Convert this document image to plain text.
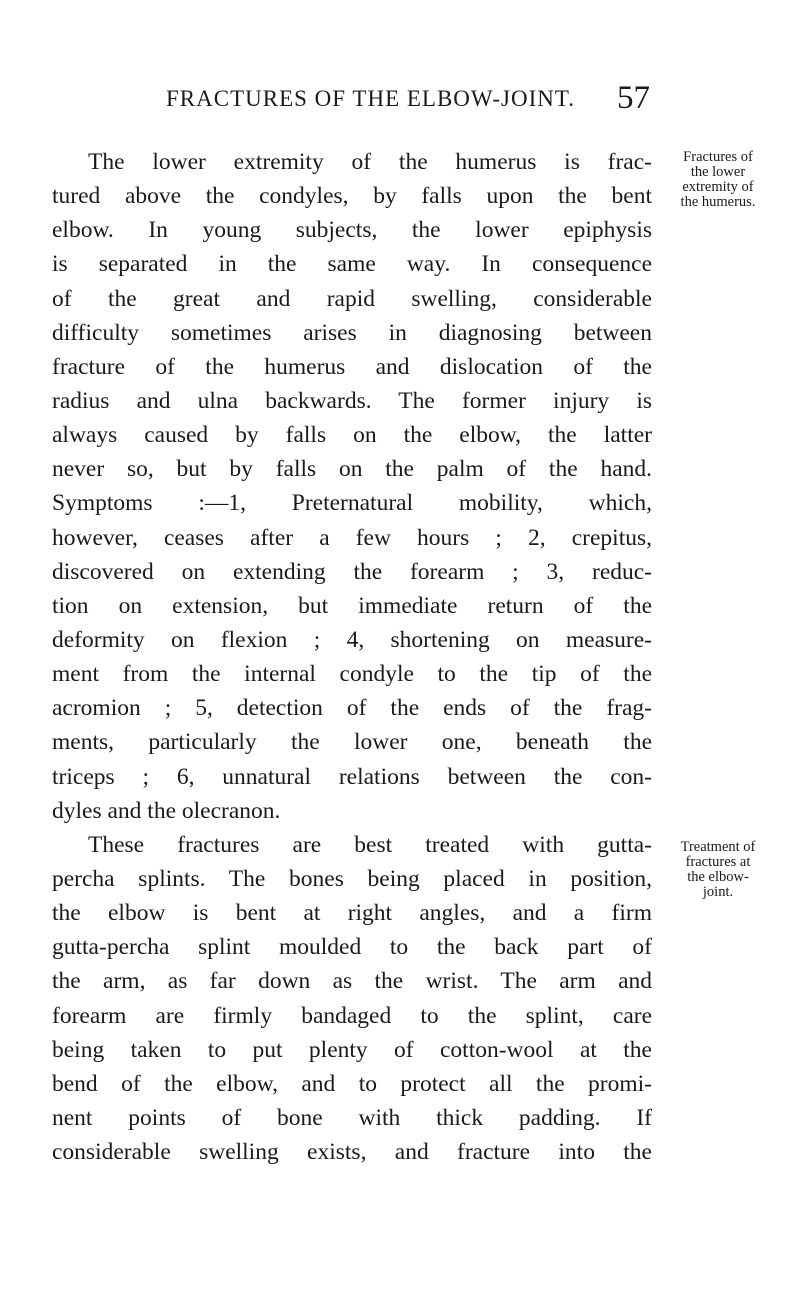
FRACTURES OF THE ELBOW-JOINT. 57
The lower extremity of the humerus is frac-
tured above the condyles, by falls upon the bent
elbow. In young subjects, the lower epiphysis
is separated in the same way. In consequence
of the great and rapid swelling, considerable
difficulty sometimes arises in diagnosing between
fracture of the humerus and dislocation of the
radius and ulna backwards. The former injury is
always caused by falls on the elbow, the latter
never so, but by falls on the palm of the hand.
Symptoms :—1, Preternatural mobility, which,
however, ceases after a few hours ; 2, crepitus,
discovered on extending the forearm ; 3, reduc-
tion on extension, but immediate return of the
deformity on flexion ; 4, shortening on measure-
ment from the internal condyle to the tip of the
acromion ; 5, detection of the ends of the frag-
ments, particularly the lower one, beneath the
triceps ; 6, unnatural relations between the con-
dyles and the olecranon.
These fractures are best treated with gutta-
percha splints. The bones being placed in position,
the elbow is bent at right angles, and a firm
gutta-percha splint moulded to the back part of
the arm, as far down as the wrist. The arm and
forearm are firmly bandaged to the splint, care
being taken to put plenty of cotton-wool at the
bend of the elbow, and to protect all the promi-
nent points of bone with thick padding. If
considerable swelling exists, and fracture into the
Fractures of
the lower
extremity of
the humerus.
Treatment of
fractures at
the elbow-
joint.
